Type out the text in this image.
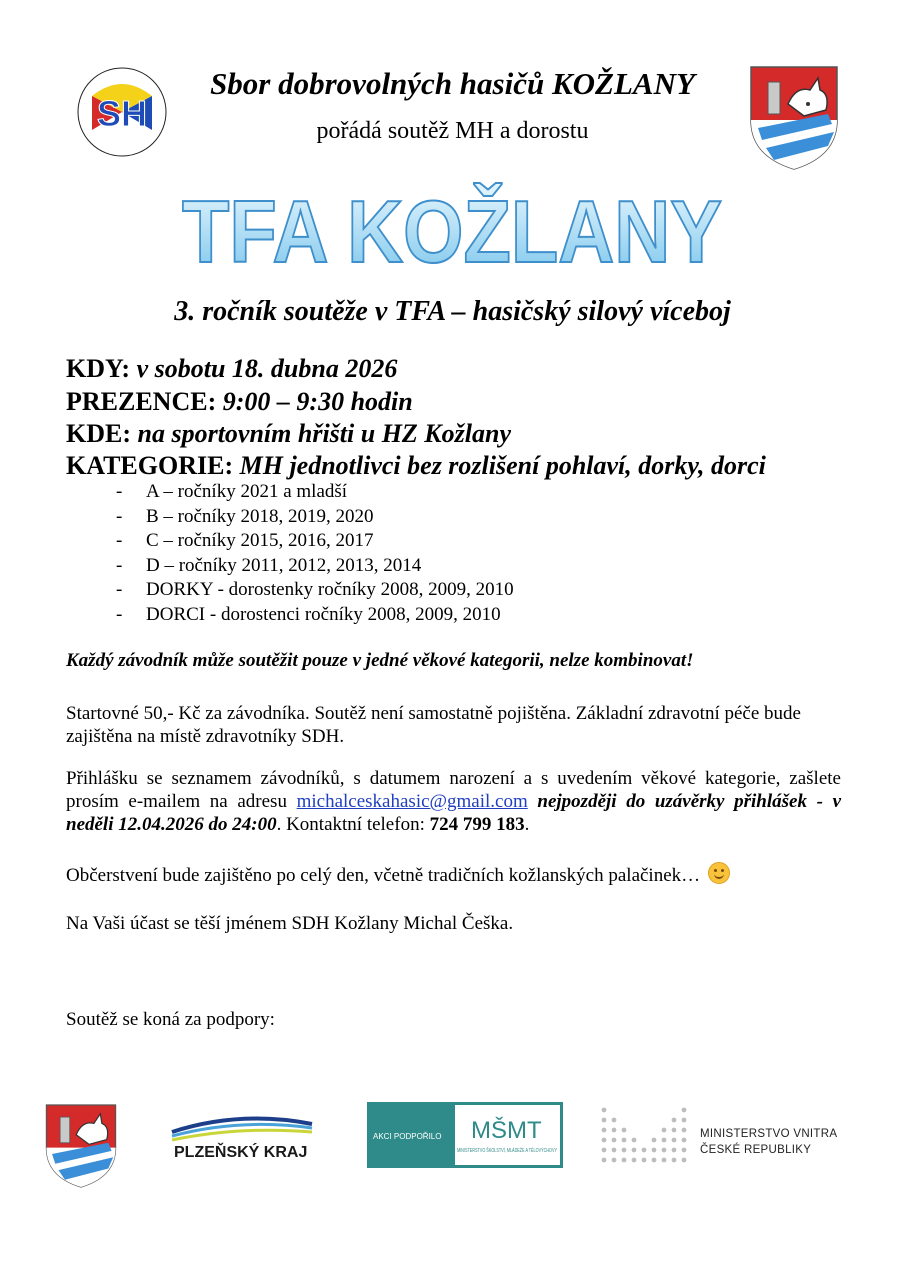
SH
Sbor dobrovolných hasičů KOŽLANY
pořádá soutěž MH a dorostu
TFA KOŽLANY
3. ročník soutěže v TFA – hasičský silový víceboj
KDY: v sobotu 18. dubna 2026
PREZENCE: 9:00 – 9:30 hodin
KDE: na sportovním hřišti u HZ Kožlany
KATEGORIE: MH jednotlivci bez rozlišení pohlaví, dorky, dorci
- A – ročníky 2021 a mladší
- B – ročníky 2018, 2019, 2020
- C – ročníky 2015, 2016, 2017
- D – ročníky 2011, 2012, 2013, 2014
- DORKY - dorostenky ročníky 2008, 2009, 2010
- DORCI - dorostenci ročníky 2008, 2009, 2010
Každý závodník může soutěžit pouze v jedné věkové kategorii, nelze kombinovat!
Startovné 50,- Kč za závodníka. Soutěž není samostatně pojištěna. Základní zdravotní péče bude zajištěna na místě zdravotníky SDH.
Přihlášku se seznamem závodníků, s datumem narození a s uvedením věkové kategorie, zašlete prosím e-mailem na adresu michalceskahasic@gmail.com nejpozději do uzávěrky přihlášek - v neděli 12.04.2026 do 24:00. Kontaktní telefon: 724 799 183.
Občerstvení bude zajištěno po celý den, včetně tradičních kožlanských palačinek…
Na Vaši účast se těší jménem SDH Kožlany Michal Češka.
Soutěž se koná za podpory:
PLZEŇSKÝ KRAJ
AKCI PODPOŘILO MŠMT
MINISTERSTVO ŠKOLSTVÍ, MLÁDEŽE A TĚLOVÝCHOVY
MINISTERSTVO VNITRA
ČESKÉ REPUBLIKY
